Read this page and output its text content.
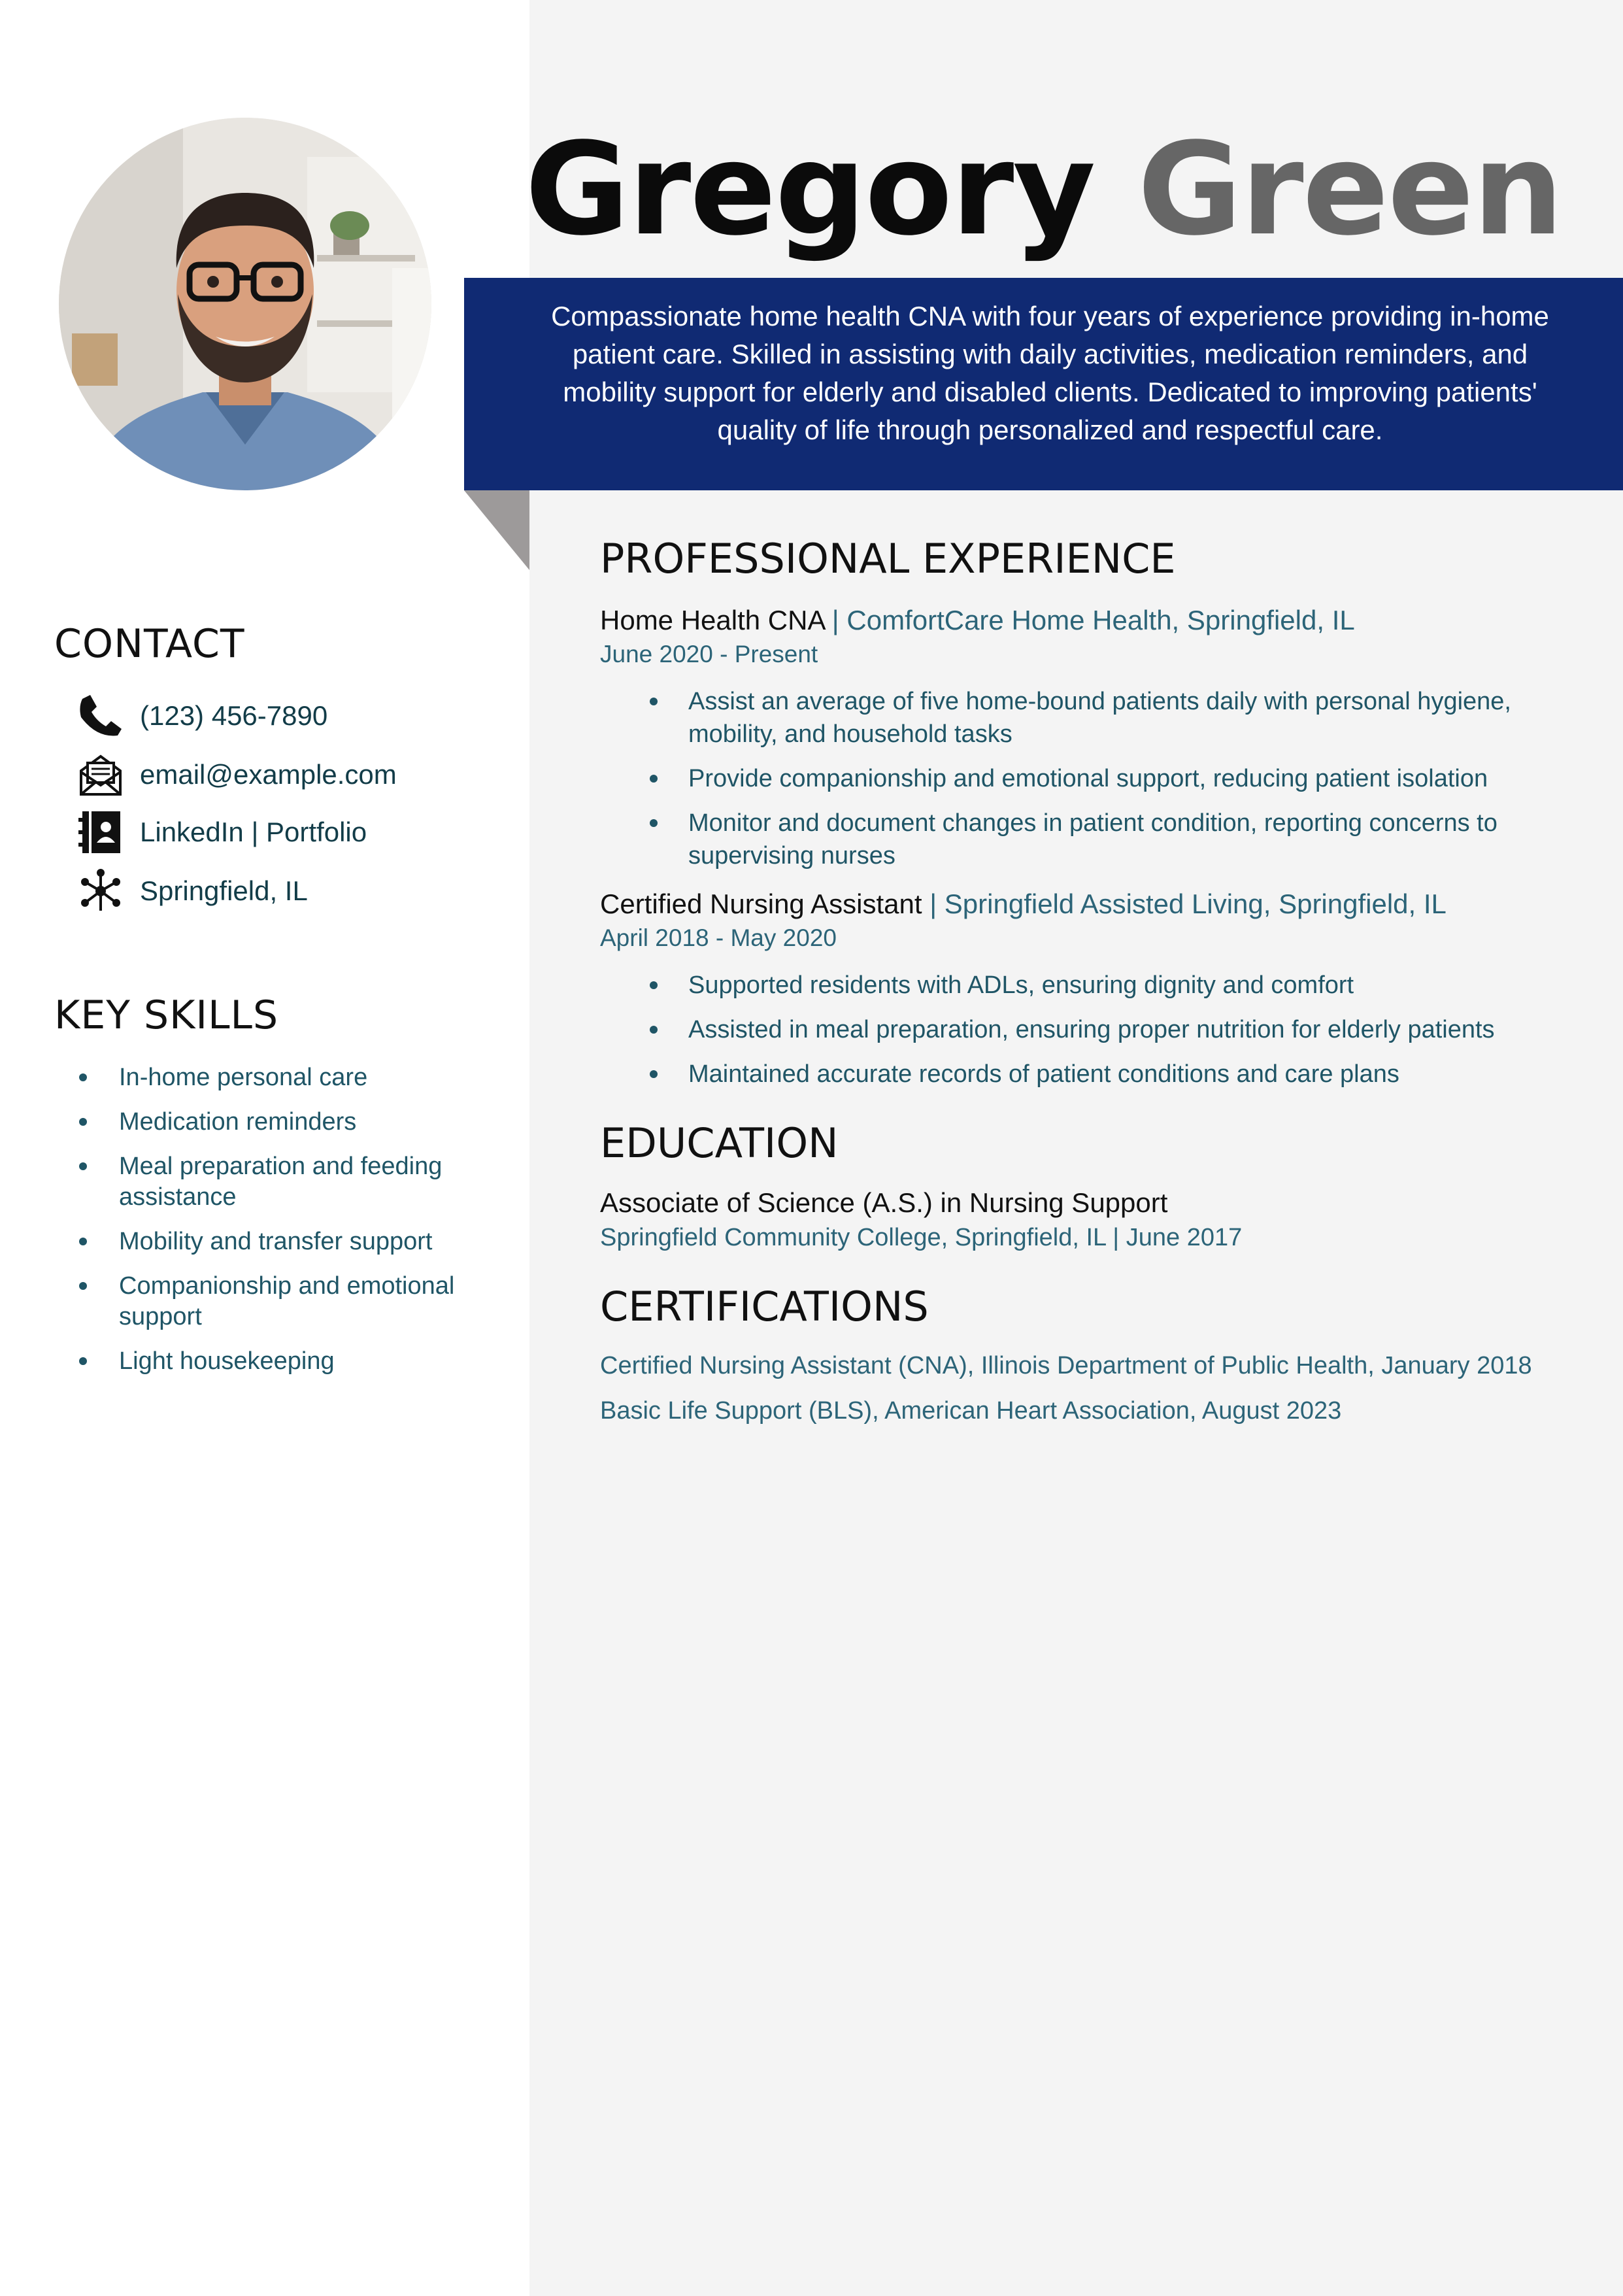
Gregory Green

Compassionate home health CNA with four years of experience providing in-home patient care. Skilled in assisting with daily activities, medication reminders, and mobility support for elderly and disabled clients. Dedicated to improving patients' quality of life through personalized and respectful care.

CONTACT
(123) 456-7890
email@example.com
LinkedIn | Portfolio
Springfield, IL
KEY SKILLS
In-home personal care
Medication reminders
Meal preparation and feeding assistance
Mobility and transfer support
Companionship and emotional support
Light housekeeping
PROFESSIONAL EXPERIENCE
Home Health CNA | ComfortCare Home Health, Springfield, IL
June 2020 - Present
Assist an average of five home-bound patients daily with personal hygiene, mobility, and household tasks
Provide companionship and emotional support, reducing patient isolation
Monitor and document changes in patient condition, reporting concerns to supervising nurses
Certified Nursing Assistant | Springfield Assisted Living, Springfield, IL
April 2018 - May 2020
Supported residents with ADLs, ensuring dignity and comfort
Assisted in meal preparation, ensuring proper nutrition for elderly patients
Maintained accurate records of patient conditions and care plans
EDUCATION
Associate of Science (A.S.) in Nursing Support
Springfield Community College, Springfield, IL | June 2017
CERTIFICATIONS
Certified Nursing Assistant (CNA), Illinois Department of Public Health, January 2018
Basic Life Support (BLS), American Heart Association, August 2023
